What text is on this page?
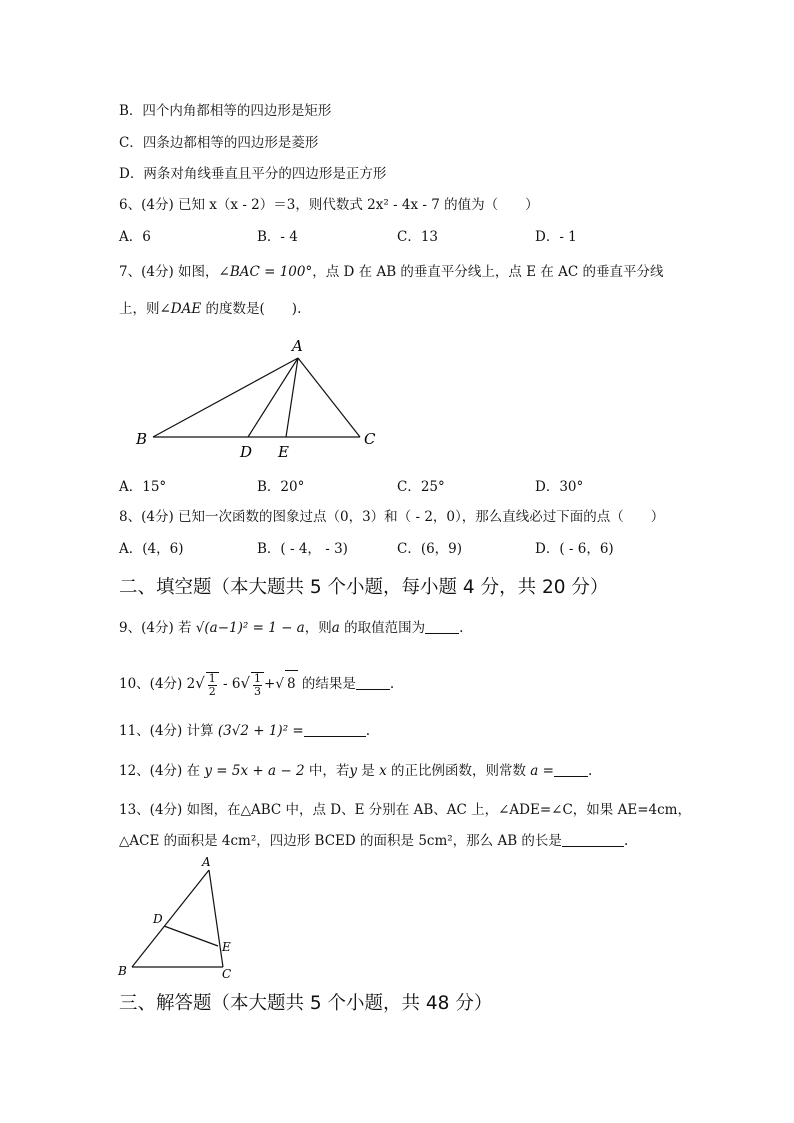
B．四个内角都相等的四边形是矩形
C．四条边都相等的四边形是菱形
D．两条对角线垂直且平分的四边形是正方形
6、(4分) 已知 x（x - 2）＝3，则代数式 2x² - 4x - 7 的值为（　　）
A．6	B．- 4	C．13	D．- 1
7、(4分) 如图，∠BAC = 100°，点 D 在 AB 的垂直平分线上，点 E 在 AC 的垂直平分线
上，则∠DAE 的度数是(　　).
A
B	C
D E
A．15°	B．20°	C．25°	D．30°
8、(4分) 已知一次函数的图象过点（0，3）和（ - 2，0），那么直线必过下面的点（　　）
A．(4，6)	B．( - 4， - 3)	C．(6，9)	D．( - 6，6)
二、填空题（本大题共 5 个小题，每小题 4 分，共 20 分）
9、(4分) 若 √(a−1)² = 1 − a，则a 的取值范围为	.
10、(4分) $2√ \frac{1}{2} - 6√ \frac{1}{3}$ +√ 8 的结果是	.
11、(4分) 计算 (3√2 + 1)² =	.
12、(4分) 在 y = 5x + a − 2 中，若y 是 x 的正比例函数，则常数 a =	.
13、(4分) 如图，在△ABC 中，点 D、E 分别在 AB、AC 上，∠ADE=∠C，如果 AE=4cm，
△ACE 的面积是 4cm²，四边形 BCED 的面积是 5cm²，那么 AB 的长是	.
A
B	C
D
E
三、解答题（本大题共 5 个小题，共 48 分）
